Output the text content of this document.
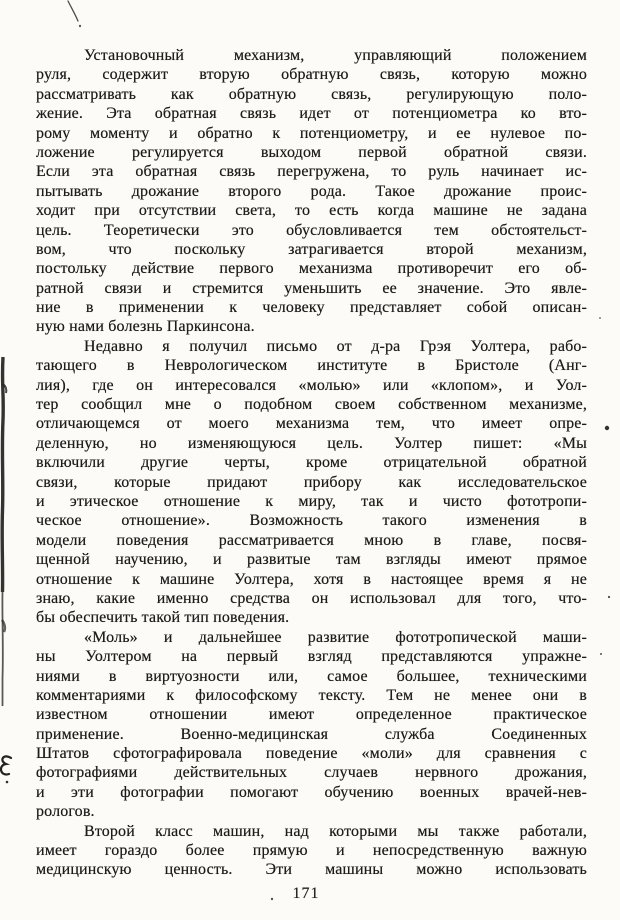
Установочный механизм, управляющий положением
руля, содержит вторую обратную связь, которую можно
рассматривать как обратную связь, регулирующую поло-
жение. Эта обратная связь идет от потенциометра ко вто-
рому моменту и обратно к потенциометру, и ее нулевое по-
ложение регулируется выходом первой обратной связи.
Если эта обратная связь перегружена, то руль начинает ис-
пытывать дрожание второго рода. Такое дрожание проис-
ходит при отсутствии света, то есть когда машине не задана
цель. Теоретически это обусловливается тем обстоятельст-
вом, что поскольку затрагивается второй механизм,
постольку действие первого механизма противоречит его об-
ратной связи и стремится уменьшить ее значение. Это явле-
ние в применении к человеку представляет собой описан-
ную нами болезнь Паркинсона.
Недавно я получил письмо от д-ра Грэя Уолтера, рабо-
тающего в Неврологическом институте в Бристоле (Анг-
лия), где он интересовался «молью» или «клопом», и Уол-
тер сообщил мне о подобном своем собственном механизме,
отличающемся от моего механизма тем, что имеет опре-
деленную, но изменяющуюся цель. Уолтер пишет: «Мы
включили другие черты, кроме отрицательной обратной
связи, которые придают прибору как исследовательское
и этическое отношение к миру, так и чисто фототропи-
ческое отношение». Возможность такого изменения в
модели поведения рассматривается мною в главе, посвя-
щенной научению, и развитые там взгляды имеют прямое
отношение к машине Уолтера, хотя в настоящее время я не
знаю, какие именно средства он использовал для того, что-
бы обеспечить такой тип поведения.
«Моль» и дальнейшее развитие фототропической маши-
ны Уолтером на первый взгляд представляются упражне-
ниями в виртуозности или, самое большее, техническими
комментариями к философскому тексту. Тем не менее они в
известном отношении имеют определенное практическое
применение. Военно-медицинская служба Соединенных
Штатов сфотографировала поведение «моли» для сравнения с
фотографиями действительных случаев нервного дрожания,
и эти фотографии помогают обучению военных врачей-нев-
рологов.
Второй класс машин, над которыми мы также работали,
имеет гораздо более прямую и непосредственную важную
медицинскую ценность. Эти машины можно использовать
171
